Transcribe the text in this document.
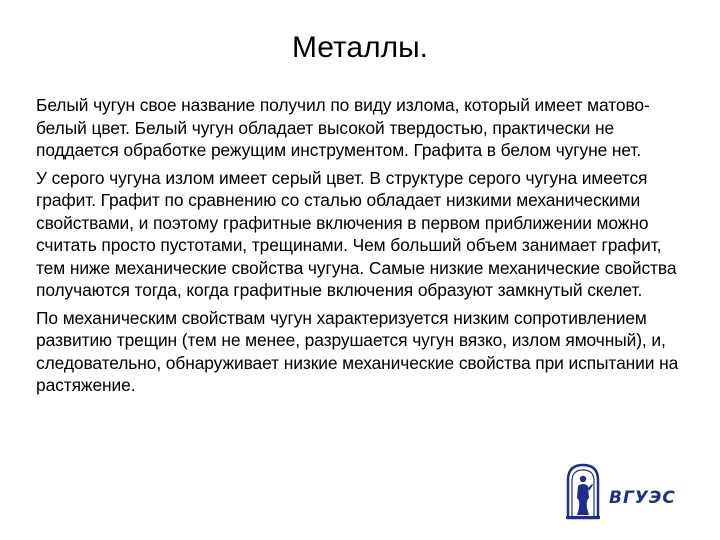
Металлы.

Белый чугун свое название получил по виду излома, который имеет матово-белый цвет. Белый чугун обладает высокой твердостью, практически не поддается обработке режущим инструментом. Графита в белом чугуне нет.

У серого чугуна излом имеет серый цвет. В структуре серого чугуна имеется графит. Графит по сравнению со сталью обладает низкими механическими свойствами, и поэтому графитные включения в первом приближении можно считать просто пустотами, трещинами. Чем больший объем занимает графит, тем ниже механические свойства чугуна. Самые низкие механические свойства получаются тогда, когда графитные включения образуют замкнутый скелет.

По механическим свойствам чугун характеризуется низким сопротивлением развитию трещин (тем не менее, разрушается чугун вязко, излом ямочный), и, следовательно, обнаруживает низкие механические свойства при испытании на растяжение.

ВГУЭС
